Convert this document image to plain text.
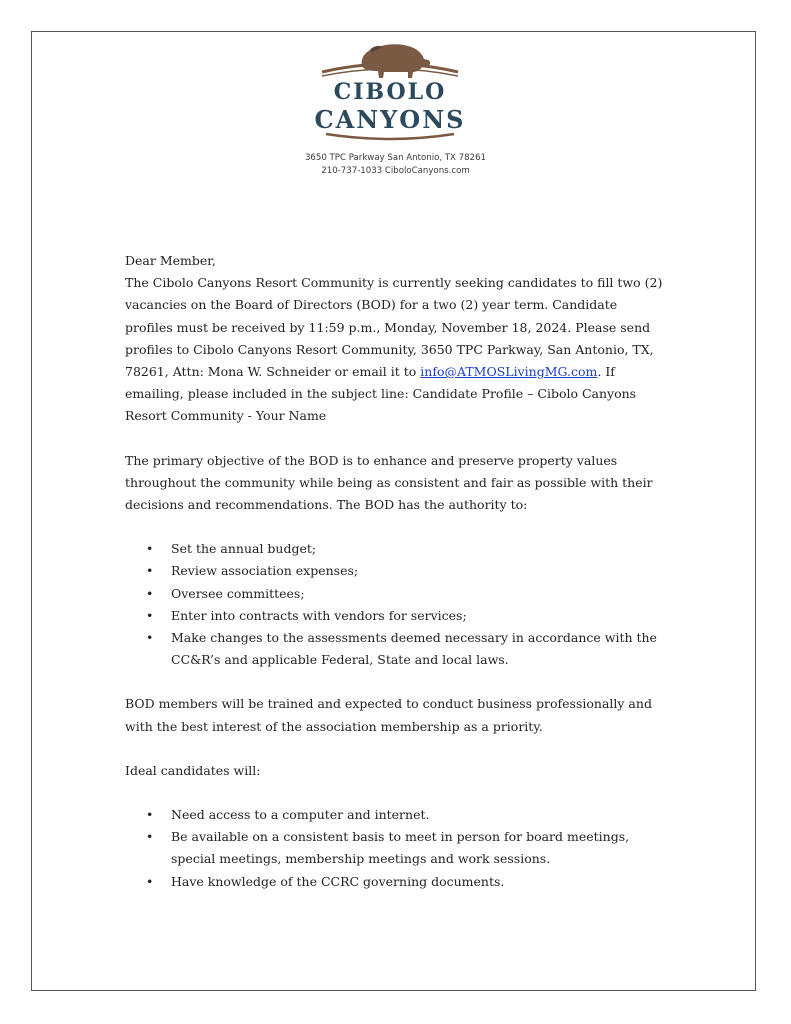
CIBOLO
CANYONS
3650 TPC Parkway San Antonio, TX 78261
210-737-1033 CiboloCanyons.com

Dear Member,

The Cibolo Canyons Resort Community is currently seeking candidates to fill two (2) vacancies on the Board of Directors (BOD) for a two (2) year term. Candidate profiles must be received by 11:59 p.m., Monday, November 18, 2024. Please send profiles to Cibolo Canyons Resort Community, 3650 TPC Parkway, San Antonio, TX, 78261, Attn: Mona W. Schneider or email it to info@ATMOSLivingMG.com. If emailing, please included in the subject line: Candidate Profile – Cibolo Canyons Resort Community - Your Name

The primary objective of the BOD is to enhance and preserve property values throughout the community while being as consistent and fair as possible with their decisions and recommendations. The BOD has the authority to:

• Set the annual budget;
• Review association expenses;
• Oversee committees;
• Enter into contracts with vendors for services;
• Make changes to the assessments deemed necessary in accordance with the CC&R’s and applicable Federal, State and local laws.

BOD members will be trained and expected to conduct business professionally and with the best interest of the association membership as a priority.

Ideal candidates will:

• Need access to a computer and internet.
• Be available on a consistent basis to meet in person for board meetings, special meetings, membership meetings and work sessions.
• Have knowledge of the CCRC governing documents.
